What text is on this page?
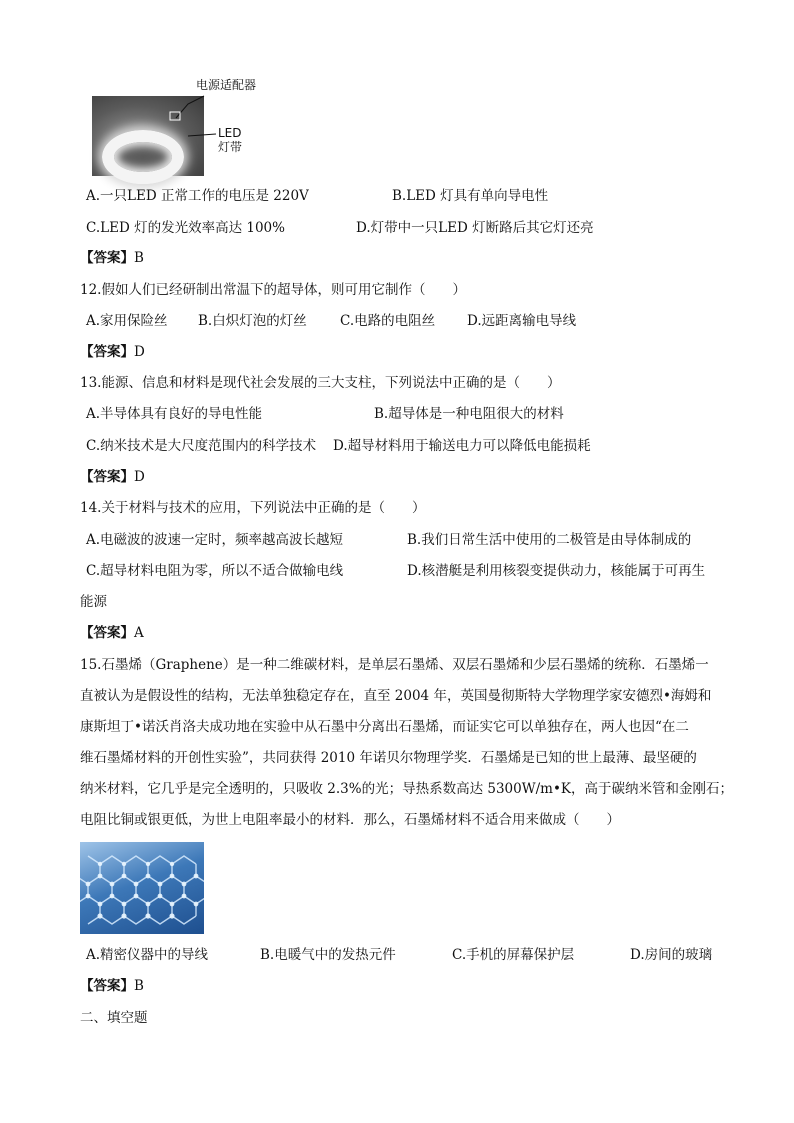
电源适配器
LED
灯带
A.一只LED 正常工作的电压是 220V	B.LED 灯具有单向导电性
C.LED 灯的发光效率高达 100%	D.灯带中一只LED 灯断路后其它灯还亮
【答案】B
12.假如人们已经研制出常温下的超导体，则可用它制作（　　）
A.家用保险丝 B.白炽灯泡的灯丝 C.电路的电阻丝 D.远距离输电导线
【答案】D
13.能源、信息和材料是现代社会发展的三大支柱，下列说法中正确的是（　　）
A.半导体具有良好的导电性能	B.超导体是一种电阻很大的材料
C.纳米技术是大尺度范围内的科学技术 D.超导材料用于输送电力可以降低电能损耗
【答案】D
14.关于材料与技术的应用，下列说法中正确的是（　　）
A.电磁波的波速一定时，频率越高波长越短	B.我们日常生活中使用的二极管是由导体制成的
C.超导材料电阻为零，所以不适合做输电线	D.核潜艇是利用核裂变提供动力，核能属于可再生
能源
【答案】A
15.石墨烯（Graphene）是一种二维碳材料，是单层石墨烯、双层石墨烯和少层石墨烯的统称．石墨烯一
直被认为是假设性的结构，无法单独稳定存在，直至 2004 年，英国曼彻斯特大学物理学家安德烈•海姆和
康斯坦丁•诺沃肖洛夫成功地在实验中从石墨中分离出石墨烯，而证实它可以单独存在，两人也因“在二
维石墨烯材料的开创性实验”，共同获得 2010 年诺贝尔物理学奖．石墨烯是已知的世上最薄、最坚硬的
纳米材料，它几乎是完全透明的，只吸收 2.3%的光；导热系数高达 5300W/m•K，高于碳纳米管和金刚石；
电阻比铜或银更低，为世上电阻率最小的材料．那么，石墨烯材料不适合用来做成（　　）
A.精密仪器中的导线	B.电暖气中的发热元件	C.手机的屏幕保护层	D.房间的玻璃
【答案】B
二、填空题
